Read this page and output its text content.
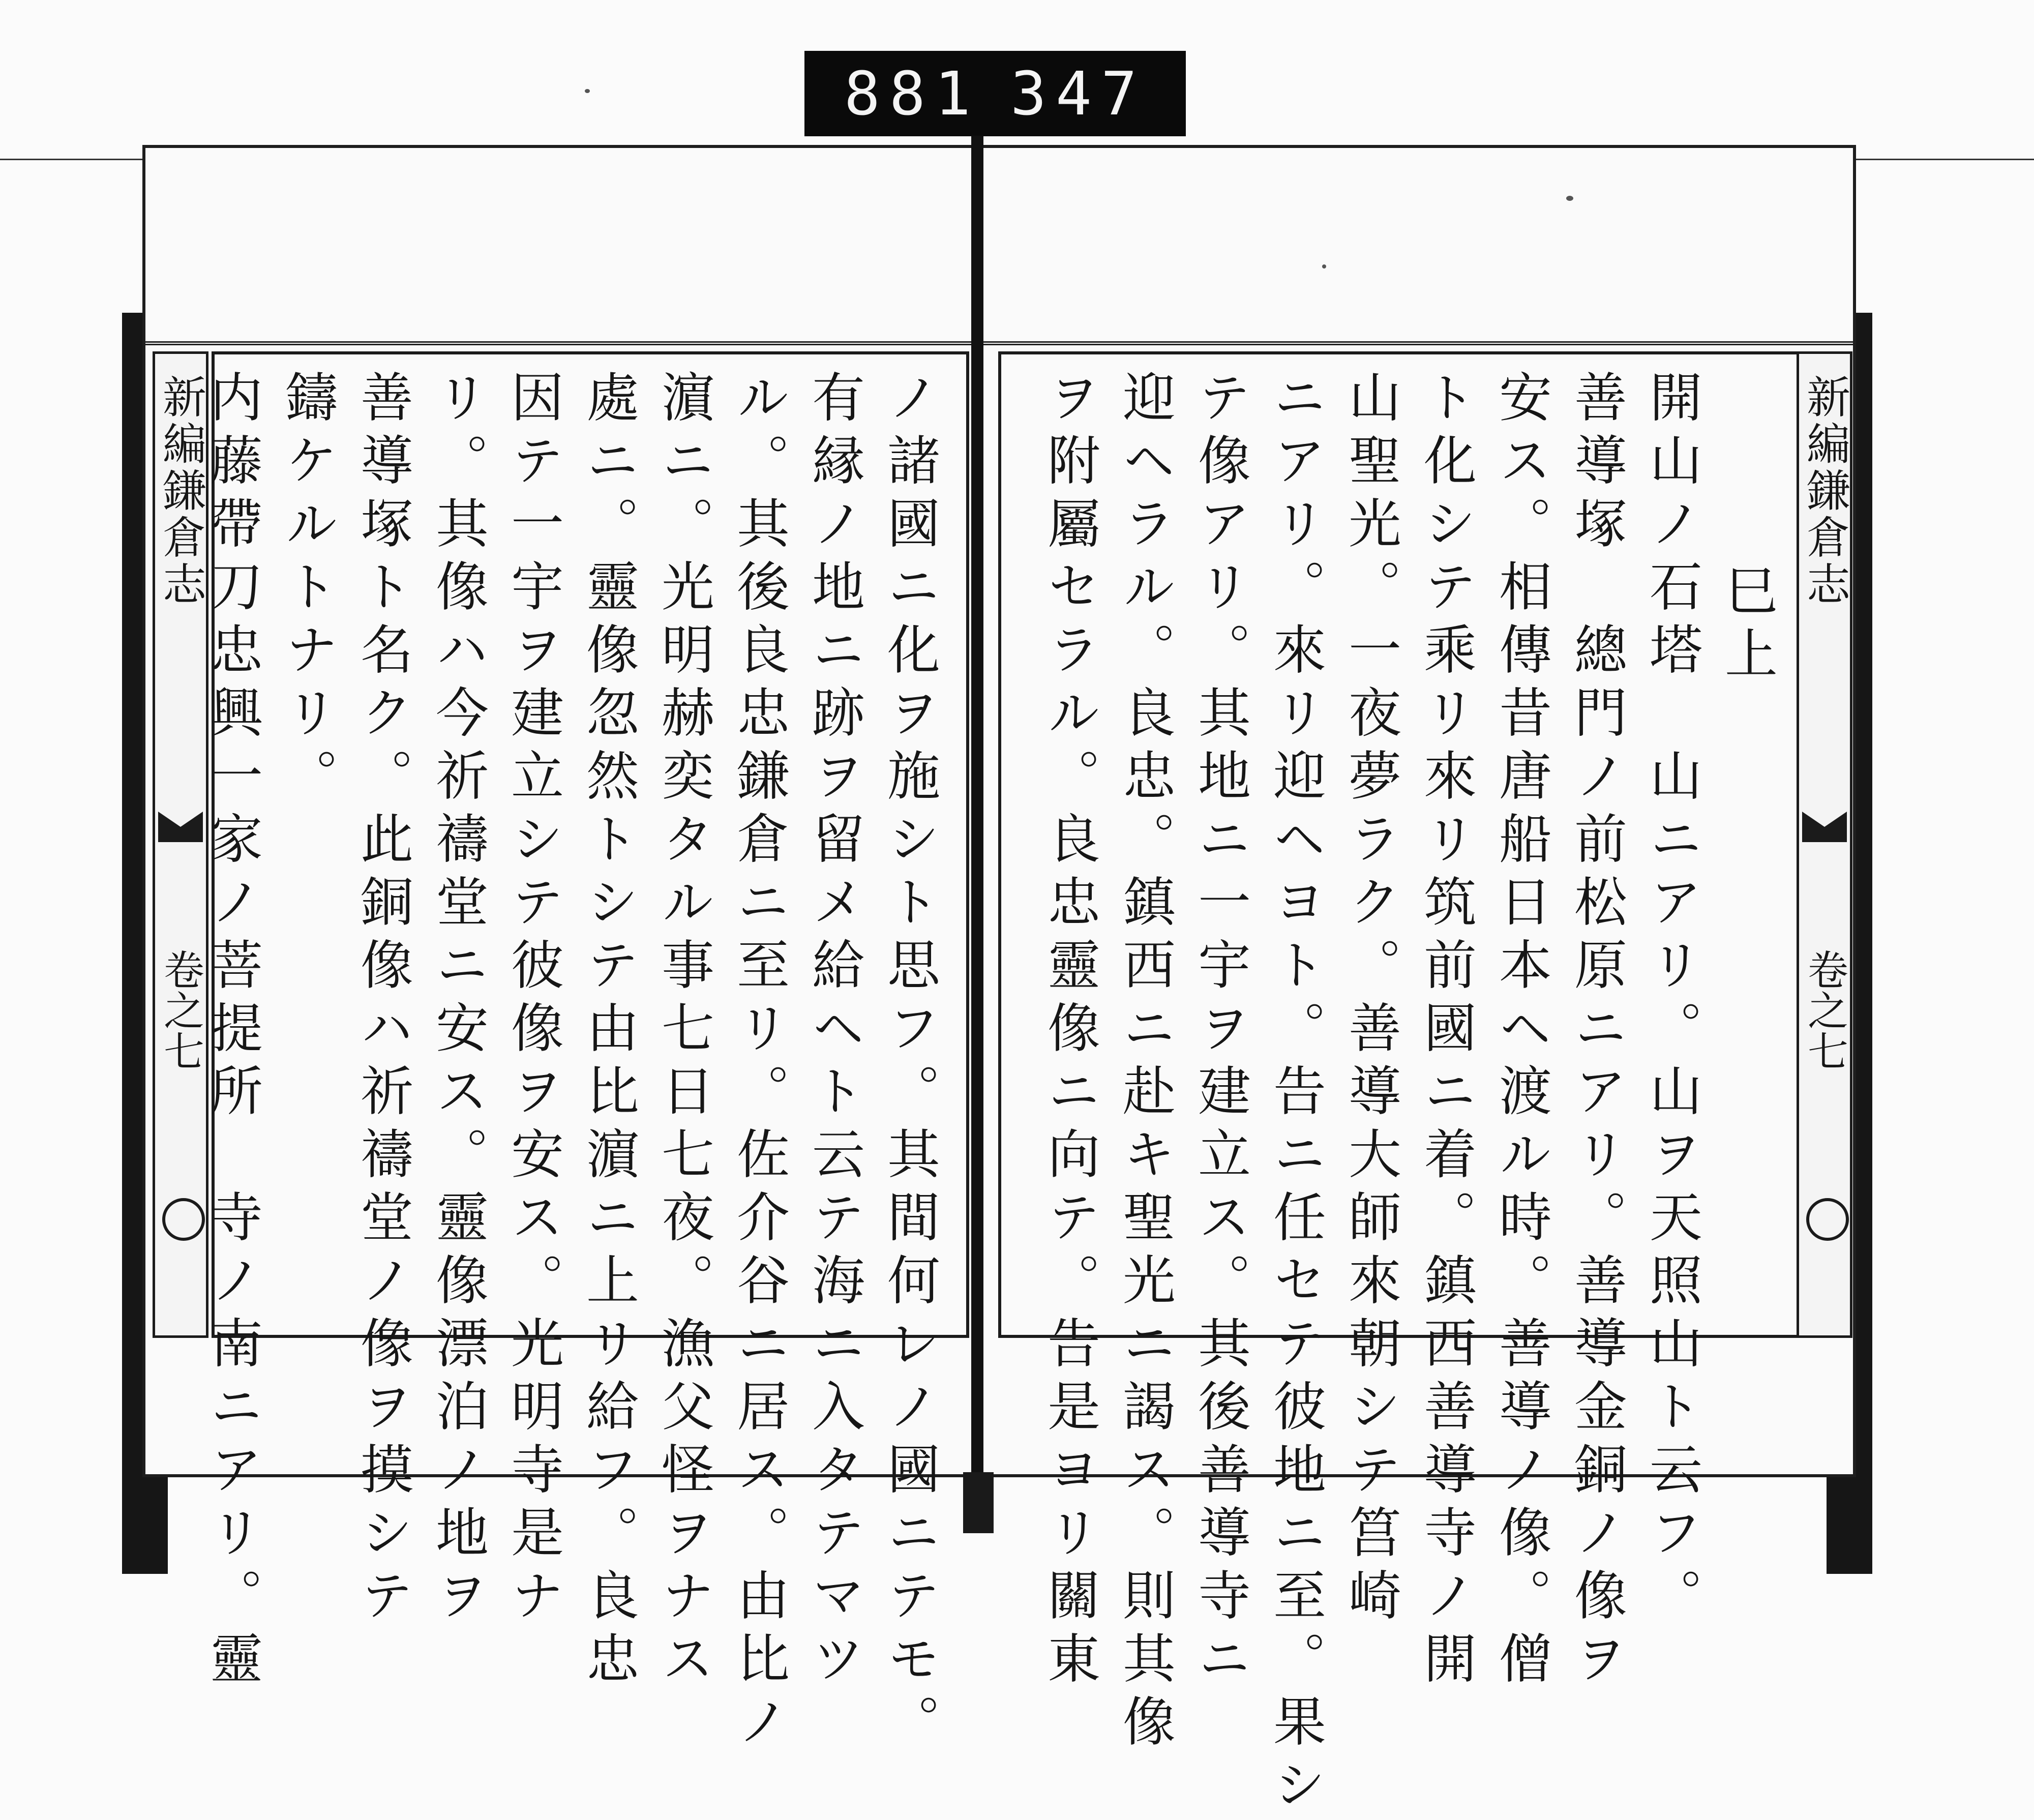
881 347
新編鎌倉志
卷之七	ノ諸國ニ化ヲ施シト思フ。其間何レノ國ニテモ。

有縁ノ地ニ跡ヲ留メ給ヘト云テ海ニ入タテマツ

ル。其後良忠鎌倉ニ至リ。佐介谷ニ居ス。由比ノ

濵ニ。光明赫奕タル事七日七夜。漁父怪ヲナス

處ニ。靈像忽然トシテ由比濵ニ上リ給フ。良忠

因テ一宇ヲ建立シテ彼像ヲ安ス。光明寺是ナ

リ。其像ハ今祈禱堂ニ安ス。靈像漂泊ノ地ヲ

善導塚ト名ク。此銅像ハ祈禱堂ノ像ヲ摸シテ

鑄ケルトナリ。

内藤帶刀忠興一家ノ菩提所　寺ノ南ニアリ。靈	巳上

開山ノ石塔　山ニアリ。山ヲ天照山ト云フ。

善導塚　總門ノ前松原ニアリ。善導金銅ノ像ヲ

安ス。相傳昔唐船日本ヘ渡ル時。善導ノ像。僧

ト化シテ乘リ來リ筑前國ニ着。鎮西善導寺ノ開

山聖光。一夜夢ラク。善導大師來朝シテ筥崎

ニアリ。來リ迎ヘヨト。告ニ任セテ彼地ニ至。果シ

テ像アリ。其地ニ一宇ヲ建立ス。其後善導寺ニ

迎ヘラル。良忠。鎮西ニ赴キ聖光ニ謁ス。則其像

ヲ附屬セラル。良忠靈像ニ向テ。告是ヨリ關東	新編鎌倉志
卷之七
